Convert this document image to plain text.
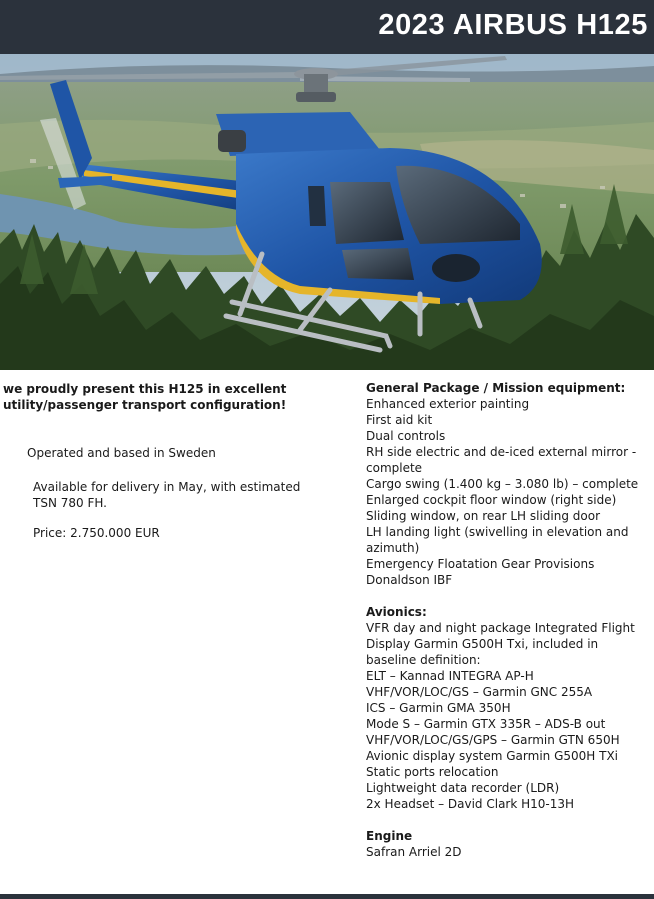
2023 AIRBUS H125

we proudly present this H125 in excellent utility/passenger transport configuration!

Operated and based in Sweden

Available for delivery in May, with estimated TSN 780 FH.

Price: 2.750.000 EUR

General Package / Mission equipment:

Enhanced exterior painting
First aid kit
Dual controls
RH side electric and de-iced external mirror - complete
Cargo swing (1.400 kg – 3.080 lb) – complete
Enlarged cockpit floor window (right side)
Sliding window, on rear LH sliding door
LH landing light (swivelling in elevation and azimuth)
Emergency Floatation Gear Provisions
Donaldson IBF

Avionics:

VFR day and night package Integrated Flight Display Garmin G500H Txi, included in baseline definition:
ELT – Kannad INTEGRA AP-H
VHF/VOR/LOC/GS – Garmin GNC 255A
ICS – Garmin GMA 350H
Mode S – Garmin GTX 335R – ADS-B out
VHF/VOR/LOC/GS/GPS – Garmin GTN 650H
Avionic display system Garmin G500H TXi
Static ports relocation
Lightweight data recorder (LDR)
2x Headset – David Clark H10-13H

Engine

Safran Arriel 2D
